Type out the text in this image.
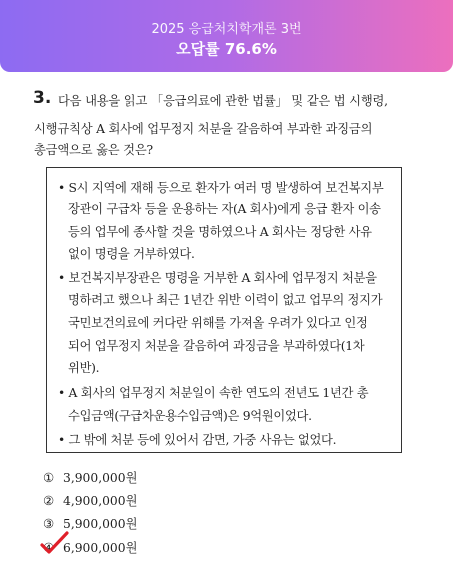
2025 응급처치학개론 3번
오답률 76.6%
3. 다음 내용을 읽고 「응급의료에 관한 법률」 및 같은 법 시행령,
시행규칙상 A 회사에 업무정지 처분을 갈음하여 부과한 과징금의
총금액으로 옳은 것은?
• S시 지역에 재해 등으로 환자가 여러 명 발생하여 보건복지부
장관이 구급차 등을 운용하는 자(A 회사)에게 응급 환자 이송
등의 업무에 종사할 것을 명하였으나 A 회사는 정당한 사유
없이 명령을 거부하였다.
• 보건복지부장관은 명령을 거부한 A 회사에 업무정지 처분을
명하려고 했으나 최근 1년간 위반 이력이 없고 업무의 정지가
국민보건의료에 커다란 위해를 가져올 우려가 있다고 인정
되어 업무정지 처분을 갈음하여 과징금을 부과하였다(1차
위반).
• A 회사의 업무정지 처분일이 속한 연도의 전년도 1년간 총
수입금액(구급차운용수입금액)은 9억원이었다.
• 그 밖에 처분 등에 있어서 감면, 가중 사유는 없었다.
① 3,900,000원
② 4,900,000원
③ 5,900,000원
④ 6,900,000원
